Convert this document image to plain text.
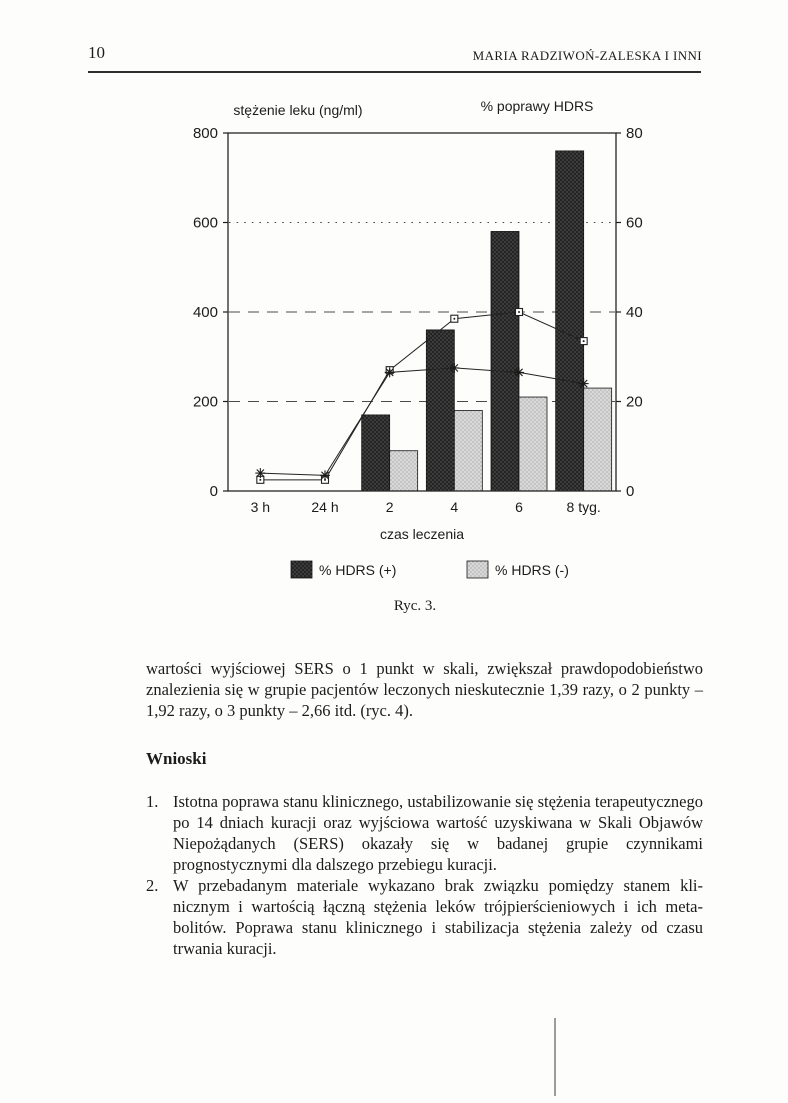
10	MARIA RADZIWOŃ-ZALESKA I INNI
stężenie leku (ng/ml)	% poprawy HDRS
800
600
400
200
0
80
60
40
20
0
3 h	24 h	2	4	6	8 tyg.
czas leczenia
% HDRS (+)	% HDRS (-)
Ryc. 3.

wartości wyjściowej SERS o 1 punkt w skali, zwiększał prawdopodobieństwo znalezienia się w grupie pacjentów leczonych nieskutecznie 1,39 razy, o 2 punkty – 1,92 razy, o 3 punkty – 2,66 itd. (ryc. 4).

Wnioski
1. Istotna poprawa stanu klinicznego, ustabilizowanie się stężenia terapeutycznego po 14 dniach kuracji oraz wyjściowa wartość uzyskiwana w Skali Objawów Niepożądanych (SERS) okazały się w badanej grupie czynnikami prognostycznymi dla dalszego przebiegu kuracji.

2. W przebadanym materiale wykazano brak związku pomiędzy stanem klinicznym i wartością łączną stężenia leków trójpierścieniowych i ich metabolitów. Poprawa stanu klinicznego i stabilizacja stężenia zależy od czasu trwania kuracji.
